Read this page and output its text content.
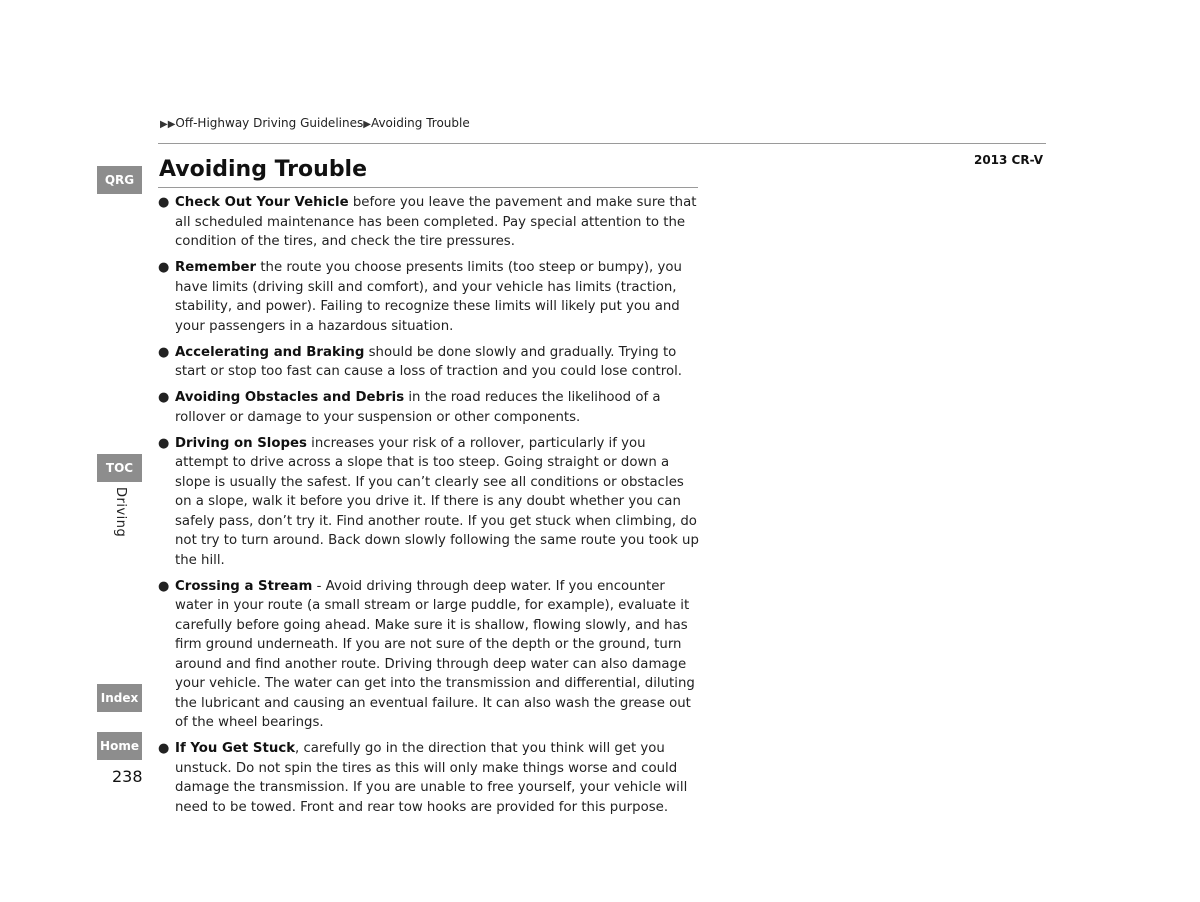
▶▶Off-Highway Driving Guidelines▶Avoiding Trouble
2013 CR-V
Avoiding Trouble
QRG
TOC
Driving
Index
Home
238
● Check Out Your Vehicle before you leave the pavement and make sure that all scheduled maintenance has been completed. Pay special attention to the condition of the tires, and check the tire pressures.
● Remember the route you choose presents limits (too steep or bumpy), you have limits (driving skill and comfort), and your vehicle has limits (traction, stability, and power). Failing to recognize these limits will likely put you and your passengers in a hazardous situation.
● Accelerating and Braking should be done slowly and gradually. Trying to start or stop too fast can cause a loss of traction and you could lose control.
● Avoiding Obstacles and Debris in the road reduces the likelihood of a rollover or damage to your suspension or other components.
● Driving on Slopes increases your risk of a rollover, particularly if you attempt to drive across a slope that is too steep. Going straight or down a slope is usually the safest. If you can’t clearly see all conditions or obstacles on a slope, walk it before you drive it. If there is any doubt whether you can safely pass, don’t try it. Find another route. If you get stuck when climbing, do not try to turn around. Back down slowly following the same route you took up the hill.
● Crossing a Stream - Avoid driving through deep water. If you encounter water in your route (a small stream or large puddle, for example), evaluate it carefully before going ahead. Make sure it is shallow, flowing slowly, and has firm ground underneath. If you are not sure of the depth or the ground, turn around and find another route. Driving through deep water can also damage your vehicle. The water can get into the transmission and differential, diluting the lubricant and causing an eventual failure. It can also wash the grease out of the wheel bearings.
● If You Get Stuck, carefully go in the direction that you think will get you unstuck. Do not spin the tires as this will only make things worse and could damage the transmission. If you are unable to free yourself, your vehicle will need to be towed. Front and rear tow hooks are provided for this purpose.
